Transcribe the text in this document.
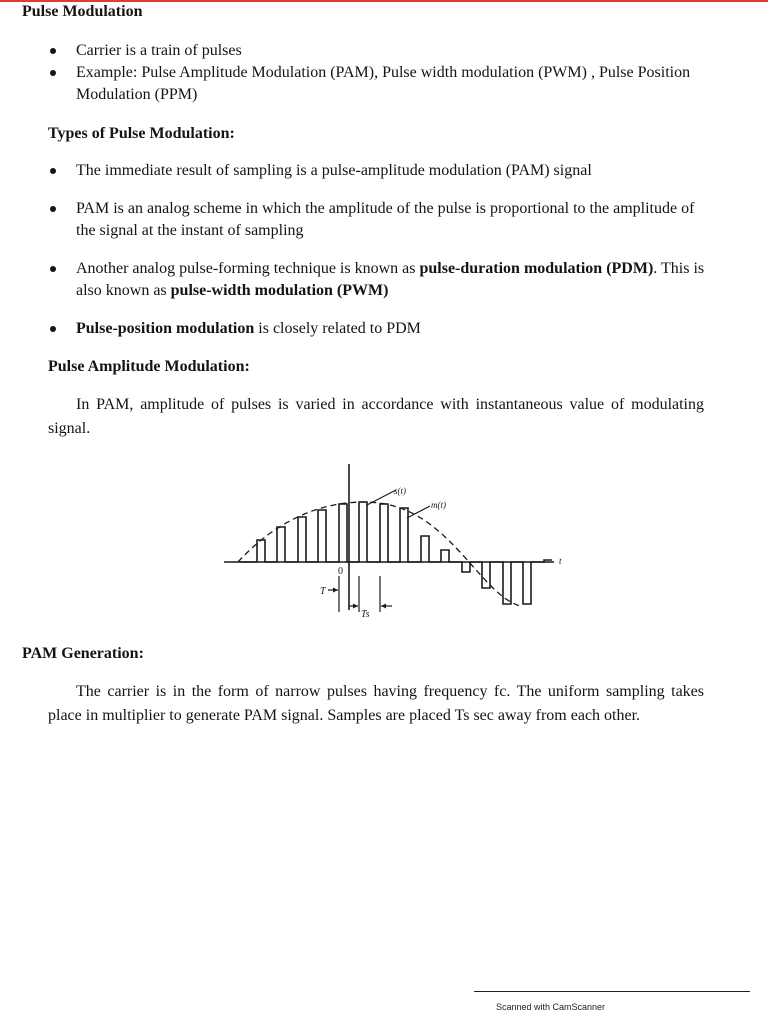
Pulse Modulation
Carrier is a train of pulses
Example: Pulse Amplitude Modulation (PAM), Pulse width modulation (PWM) , Pulse Position Modulation (PPM)
Types of Pulse Modulation:
The immediate result of sampling is a pulse-amplitude modulation (PAM) signal
PAM is an analog scheme in which the amplitude of the pulse is proportional to the amplitude of the signal at the instant of sampling
Another analog pulse-forming technique is known as pulse-duration modulation (PDM). This is also known as pulse-width modulation (PWM)
Pulse-position modulation is closely related to PDM
Pulse Amplitude Modulation:

In PAM, amplitude of pulses is varied in accordance with instantaneous value of modulating signal.

s(t)
m(t)
t
0
T
Ts
PAM Generation:

The carrier is in the form of narrow pulses having frequency fc. The uniform sampling takes place in multiplier to generate PAM signal. Samples are placed Ts sec away from each other.

Scanned with CamScanner
